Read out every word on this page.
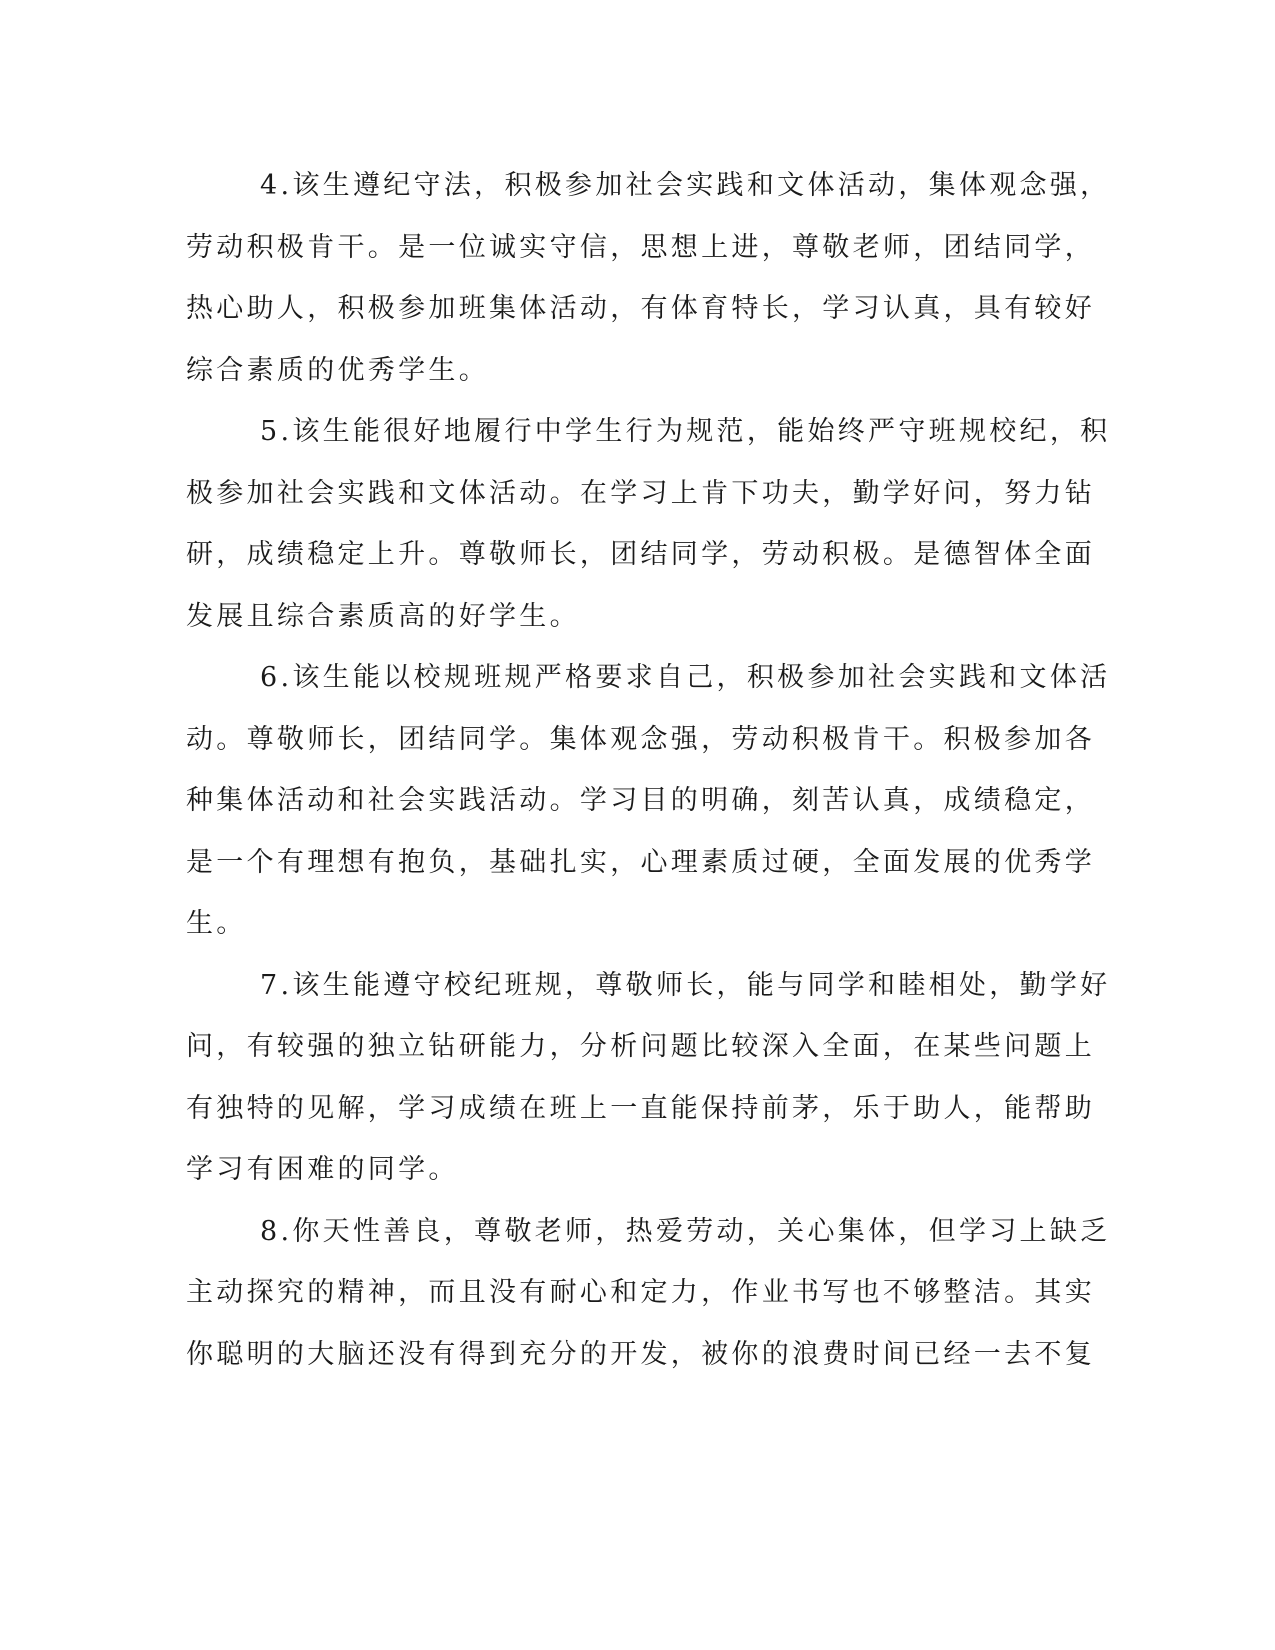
4.该生遵纪守法，积极参加社会实践和文体活动，集体观念强，
劳动积极肯干。是一位诚实守信，思想上进，尊敬老师，团结同学，
热心助人，积极参加班集体活动，有体育特长，学习认真，具有较好
综合素质的优秀学生。
5.该生能很好地履行中学生行为规范，能始终严守班规校纪，积
极参加社会实践和文体活动。在学习上肯下功夫，勤学好问，努力钻
研，成绩稳定上升。尊敬师长，团结同学，劳动积极。是德智体全面
发展且综合素质高的好学生。
6.该生能以校规班规严格要求自己，积极参加社会实践和文体活
动。尊敬师长，团结同学。集体观念强，劳动积极肯干。积极参加各
种集体活动和社会实践活动。学习目的明确，刻苦认真，成绩稳定，
是一个有理想有抱负，基础扎实，心理素质过硬，全面发展的优秀学
生。
7.该生能遵守校纪班规，尊敬师长，能与同学和睦相处，勤学好
问，有较强的独立钻研能力，分析问题比较深入全面，在某些问题上
有独特的见解，学习成绩在班上一直能保持前茅，乐于助人，能帮助
学习有困难的同学。
8.你天性善良，尊敬老师，热爱劳动，关心集体，但学习上缺乏
主动探究的精神，而且没有耐心和定力，作业书写也不够整洁。其实
你聪明的大脑还没有得到充分的开发，被你的浪费时间已经一去不复
